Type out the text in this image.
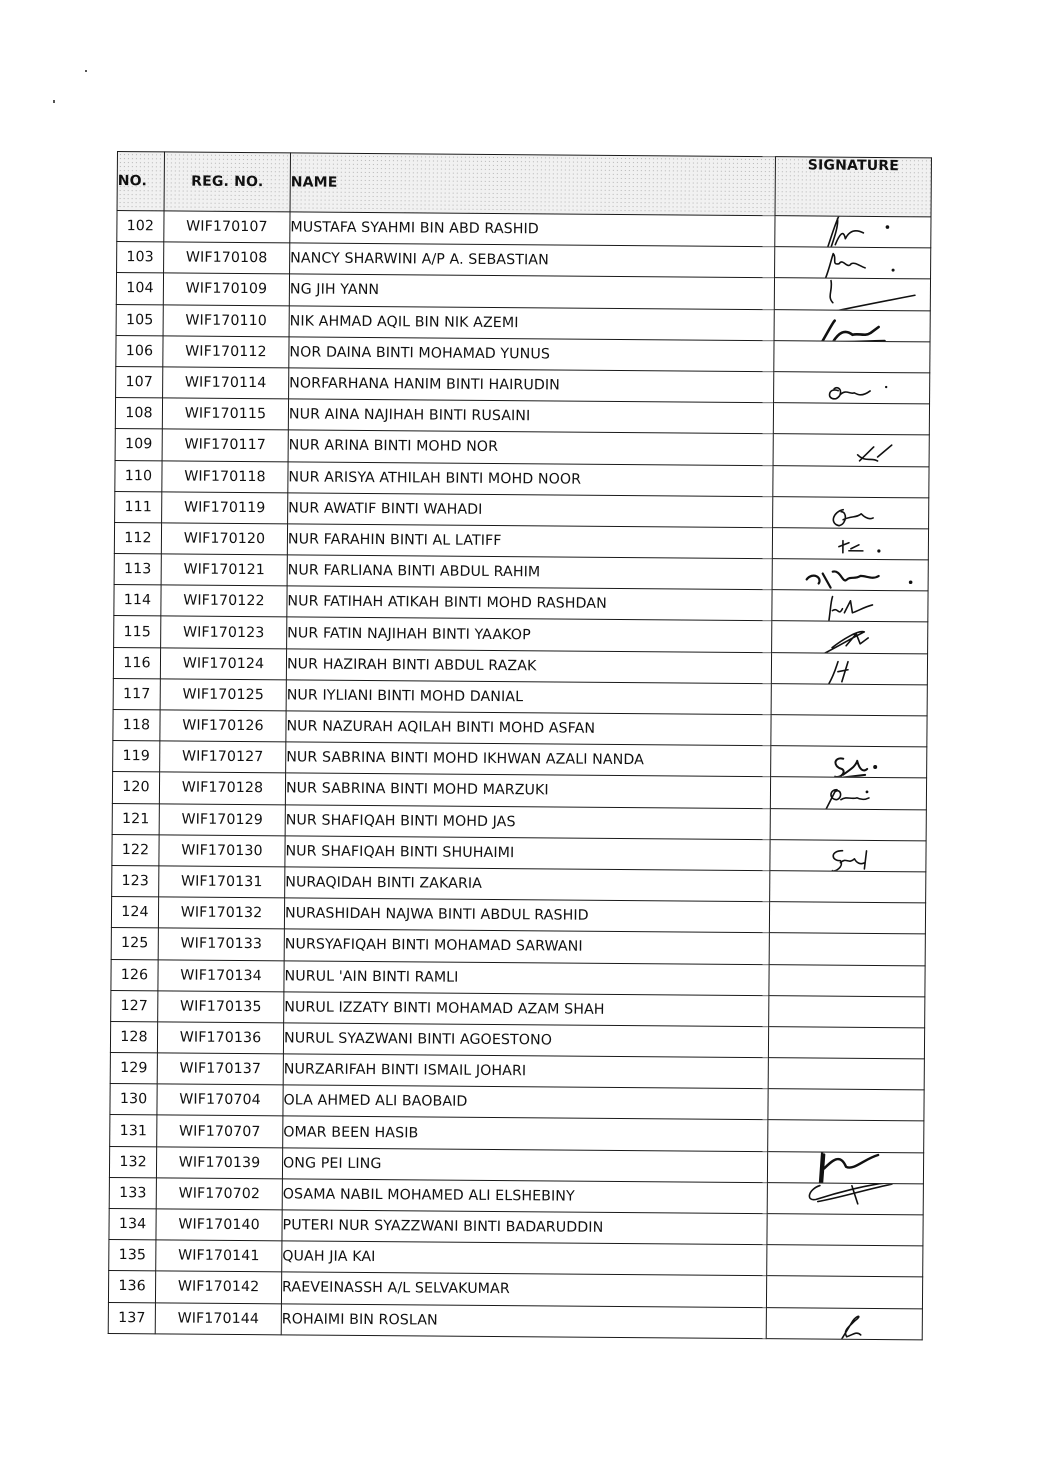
NO.	REG. NO.	NAME	SIGNATURE
102	WIF170107	MUSTAFA SYAHMI BIN ABD RASHID	

103	WIF170108	NANCY SHARWINI A/P A. SEBASTIAN	

104	WIF170109	NG JIH YANN	

105	WIF170110	NIK AHMAD AQIL BIN NIK AZEMI	

106	WIF170112	NOR DAINA BINTI MOHAMAD YUNUS	
107	WIF170114	NORFARHANA HANIM BINTI HAIRUDIN	

108	WIF170115	NUR AINA NAJIHAH BINTI RUSAINI	
109	WIF170117	NUR ARINA BINTI MOHD NOR	

110	WIF170118	NUR ARISYA ATHILAH BINTI MOHD NOOR	
111	WIF170119	NUR AWATIF BINTI WAHADI	

112	WIF170120	NUR FARAHIN BINTI AL LATIFF	

113	WIF170121	NUR FARLIANA BINTI ABDUL RAHIM	

114	WIF170122	NUR FATIHAH ATIKAH BINTI MOHD RASHDAN	

115	WIF170123	NUR FATIN NAJIHAH BINTI YAAKOP	

116	WIF170124	NUR HAZIRAH BINTI ABDUL RAZAK	

117	WIF170125	NUR IYLIANI BINTI MOHD DANIAL	
118	WIF170126	NUR NAZURAH AQILAH BINTI MOHD ASFAN	
119	WIF170127	NUR SABRINA BINTI MOHD IKHWAN AZALI NANDA	

120	WIF170128	NUR SABRINA BINTI MOHD MARZUKI	

121	WIF170129	NUR SHAFIQAH BINTI MOHD JAS	
122	WIF170130	NUR SHAFIQAH BINTI SHUHAIMI	

123	WIF170131	NURAQIDAH BINTI ZAKARIA	
124	WIF170132	NURASHIDAH NAJWA BINTI ABDUL RASHID	
125	WIF170133	NURSYAFIQAH BINTI MOHAMAD SARWANI	
126	WIF170134	NURUL 'AIN BINTI RAMLI	
127	WIF170135	NURUL IZZATY BINTI MOHAMAD AZAM SHAH	
128	WIF170136	NURUL SYAZWANI BINTI AGOESTONO	
129	WIF170137	NURZARIFAH BINTI ISMAIL JOHARI	
130	WIF170704	OLA AHMED ALI BAOBAID	
131	WIF170707	OMAR BEEN HASIB	
132	WIF170139	ONG PEI LING	

133	WIF170702	OSAMA NABIL MOHAMED ALI ELSHEBINY	

134	WIF170140	PUTERI NUR SYAZZWANI BINTI BADARUDDIN	
135	WIF170141	QUAH JIA KAI	
136	WIF170142	RAEVEINASSH A/L SELVAKUMAR	
137	WIF170144	ROHAIMI BIN ROSLAN	
